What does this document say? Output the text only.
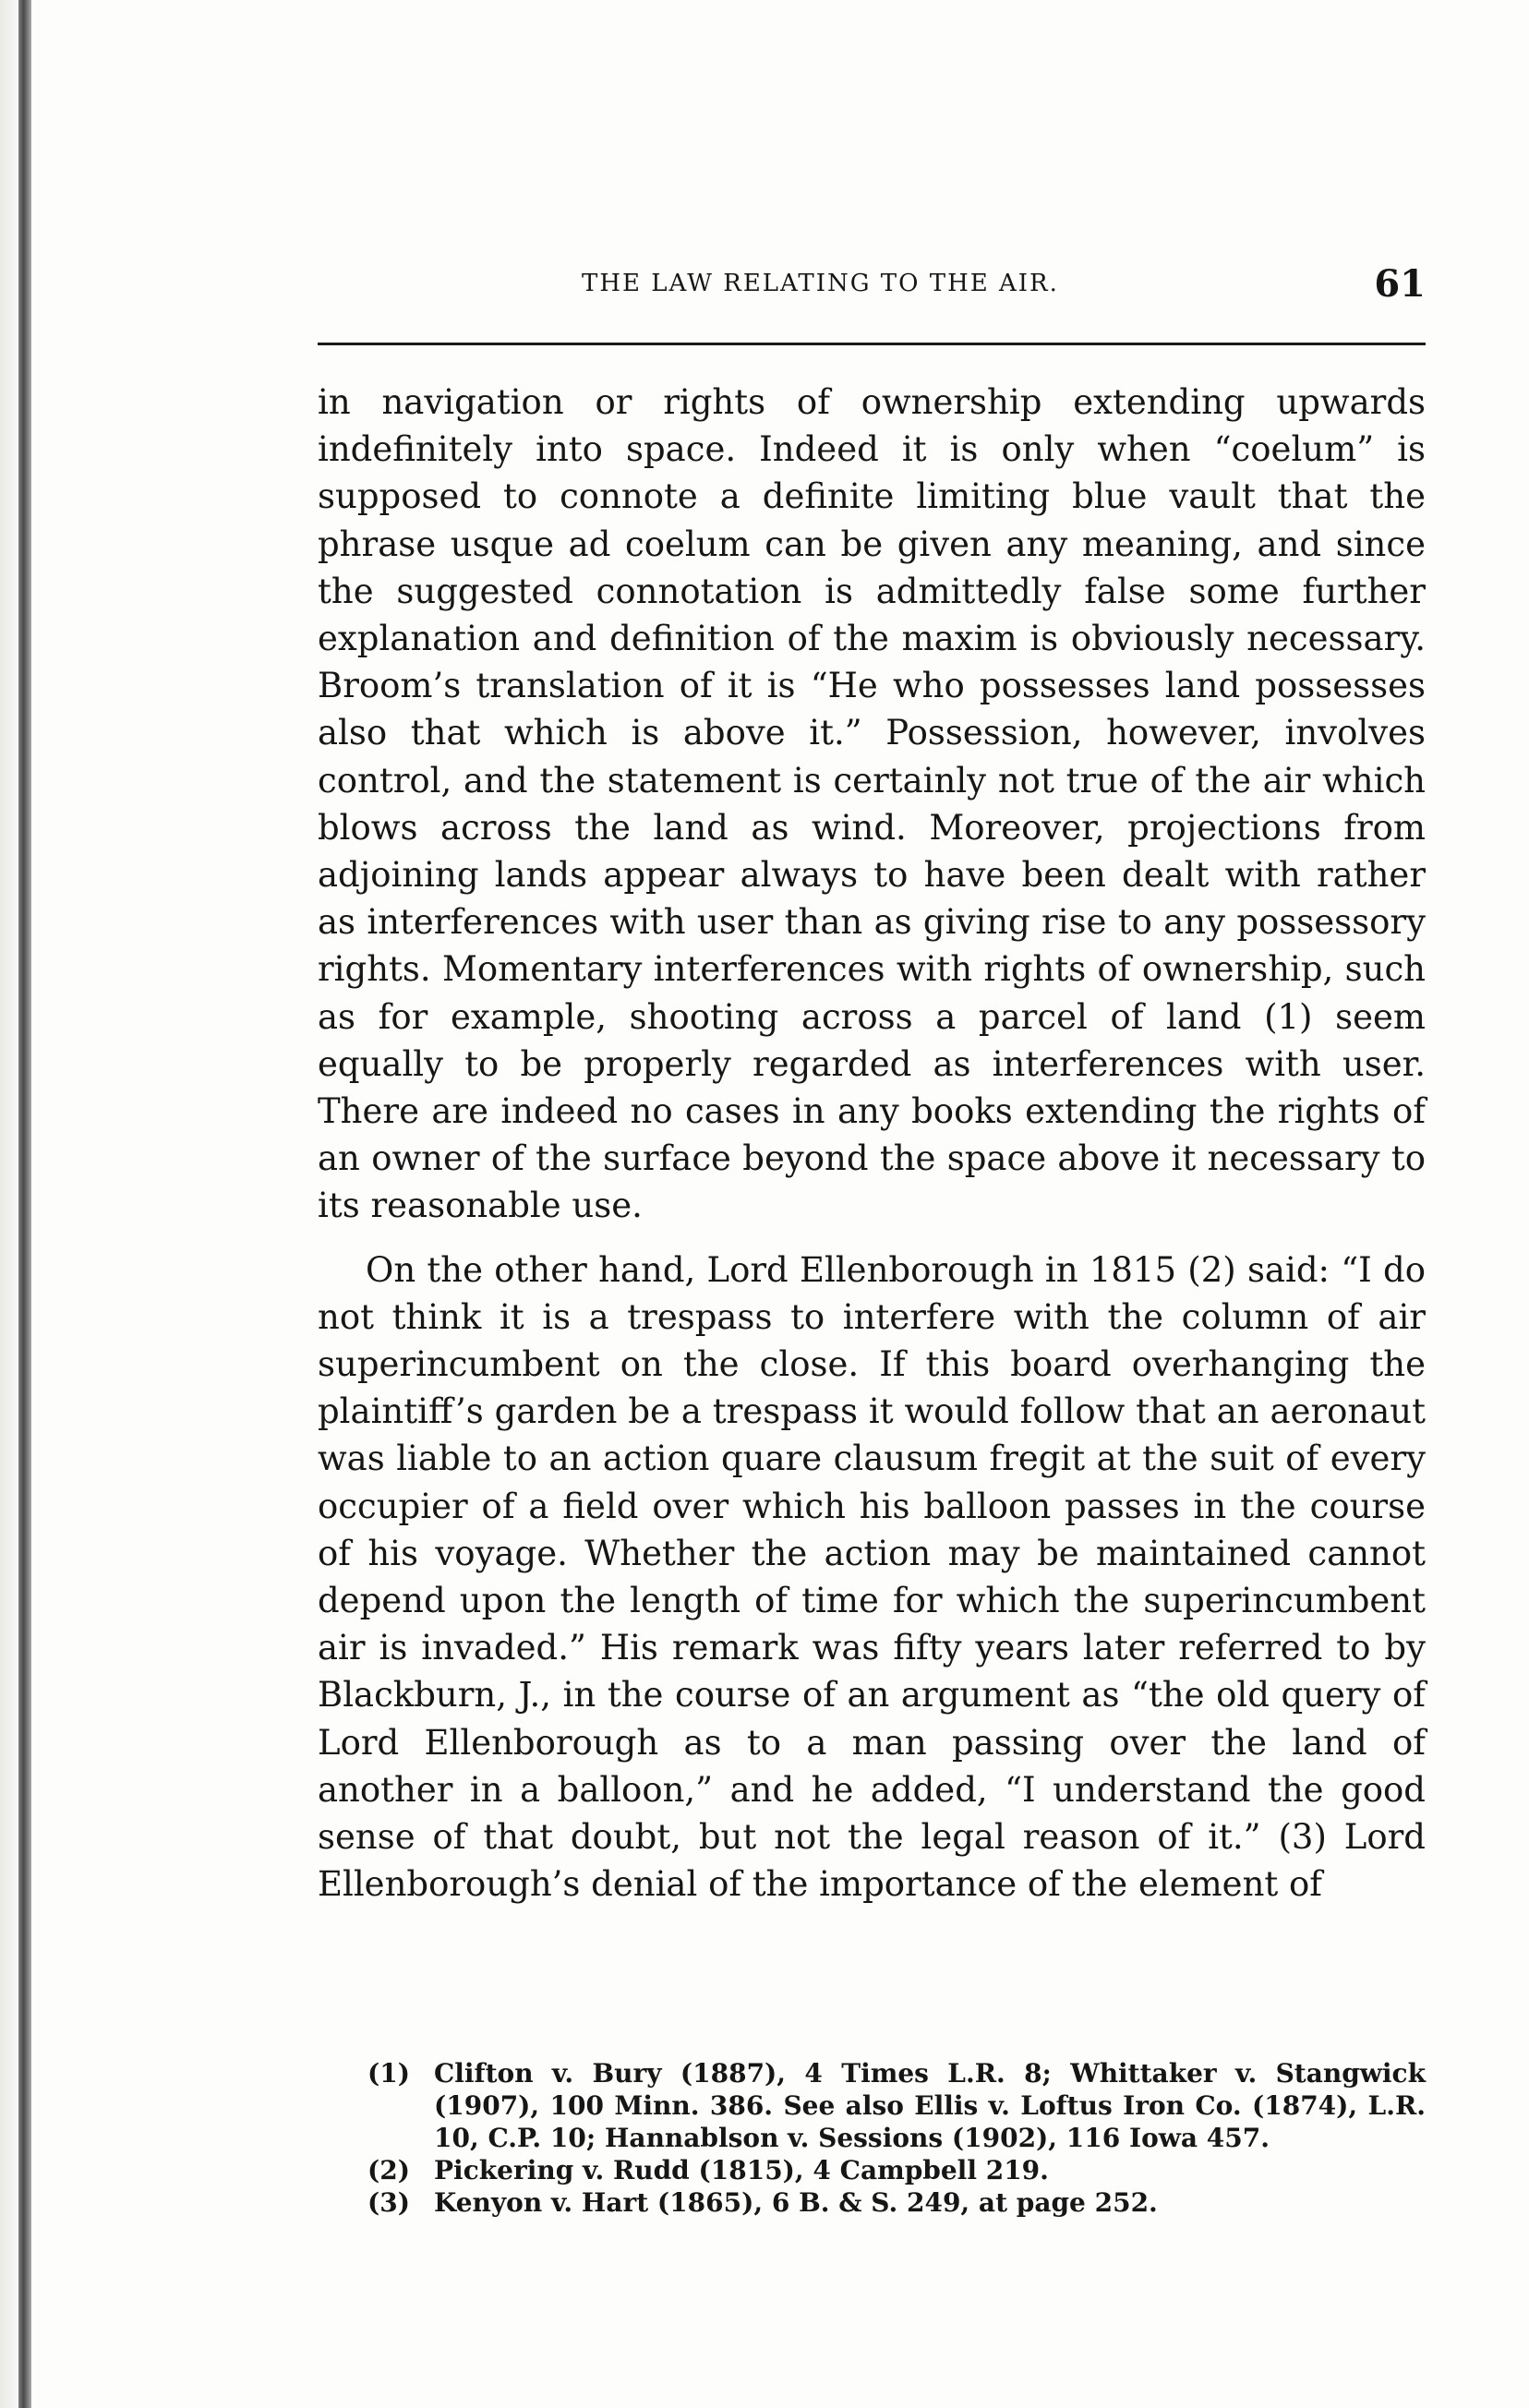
THE LAW RELATING TO THE AIR.	61

in navigation or rights of ownership extending upwards indefinitely into space. Indeed it is only when “coelum” is supposed to connote a definite limiting blue vault that the phrase usque ad coelum can be given any meaning, and since the suggested connotation is admittedly false some further explanation and definition of the maxim is obviously necessary. Broom’s translation of it is “He who possesses land possesses also that which is above it.” Possession, however, involves control, and the statement is certainly not true of the air which blows across the land as wind. Moreover, projections from adjoining lands appear always to have been dealt with rather as interferences with user than as giving rise to any possessory rights. Momentary interferences with rights of ownership, such as for example, shooting across a parcel of land (1) seem equally to be properly regarded as interferences with user. There are indeed no cases in any books extending the rights of an owner of the surface beyond the space above it necessary to its reasonable use.

On the other hand, Lord Ellenborough in 1815 (2) said: “I do not think it is a trespass to interfere with the column of air superincumbent on the close. If this board overhanging the plaintiff’s garden be a trespass it would follow that an aeronaut was liable to an action quare clausum fregit at the suit of every occupier of a field over which his balloon passes in the course of his voyage. Whether the action may be maintained cannot depend upon the length of time for which the superincumbent air is invaded.” His remark was fifty years later referred to by Blackburn, J., in the course of an argument as “the old query of Lord Ellenborough as to a man passing over the land of another in a balloon,” and he added, “I understand the good sense of that doubt, but not the legal reason of it.” (3) Lord Ellenborough’s denial of the importance of the element of

(1) Clifton v. Bury (1887), 4 Times L.R. 8; Whittaker v. Stangwick (1907), 100 Minn. 386. See also Ellis v. Loftus Iron Co. (1874), L.R. 10, C.P. 10; Hannablson v. Sessions (1902), 116 Iowa 457.
(2) Pickering v. Rudd (1815), 4 Campbell 219.
(3) Kenyon v. Hart (1865), 6 B. & S. 249, at page 252.
